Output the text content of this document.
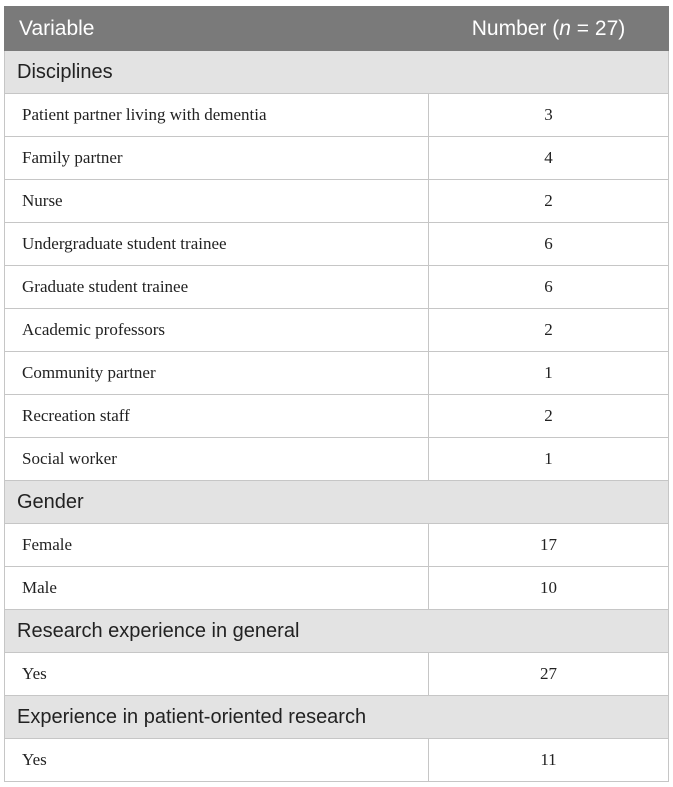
Variable	Number (n = 27)
Disciplines	
Patient partner living with dementia	3
Family partner	4
Nurse	2
Undergraduate student trainee	6
Graduate student trainee	6
Academic professors	2
Community partner	1
Recreation staff	2
Social worker	1
Gender	
Female	17
Male	10
Research experience in general	
Yes	27
Experience in patient-oriented research	
Yes	11
